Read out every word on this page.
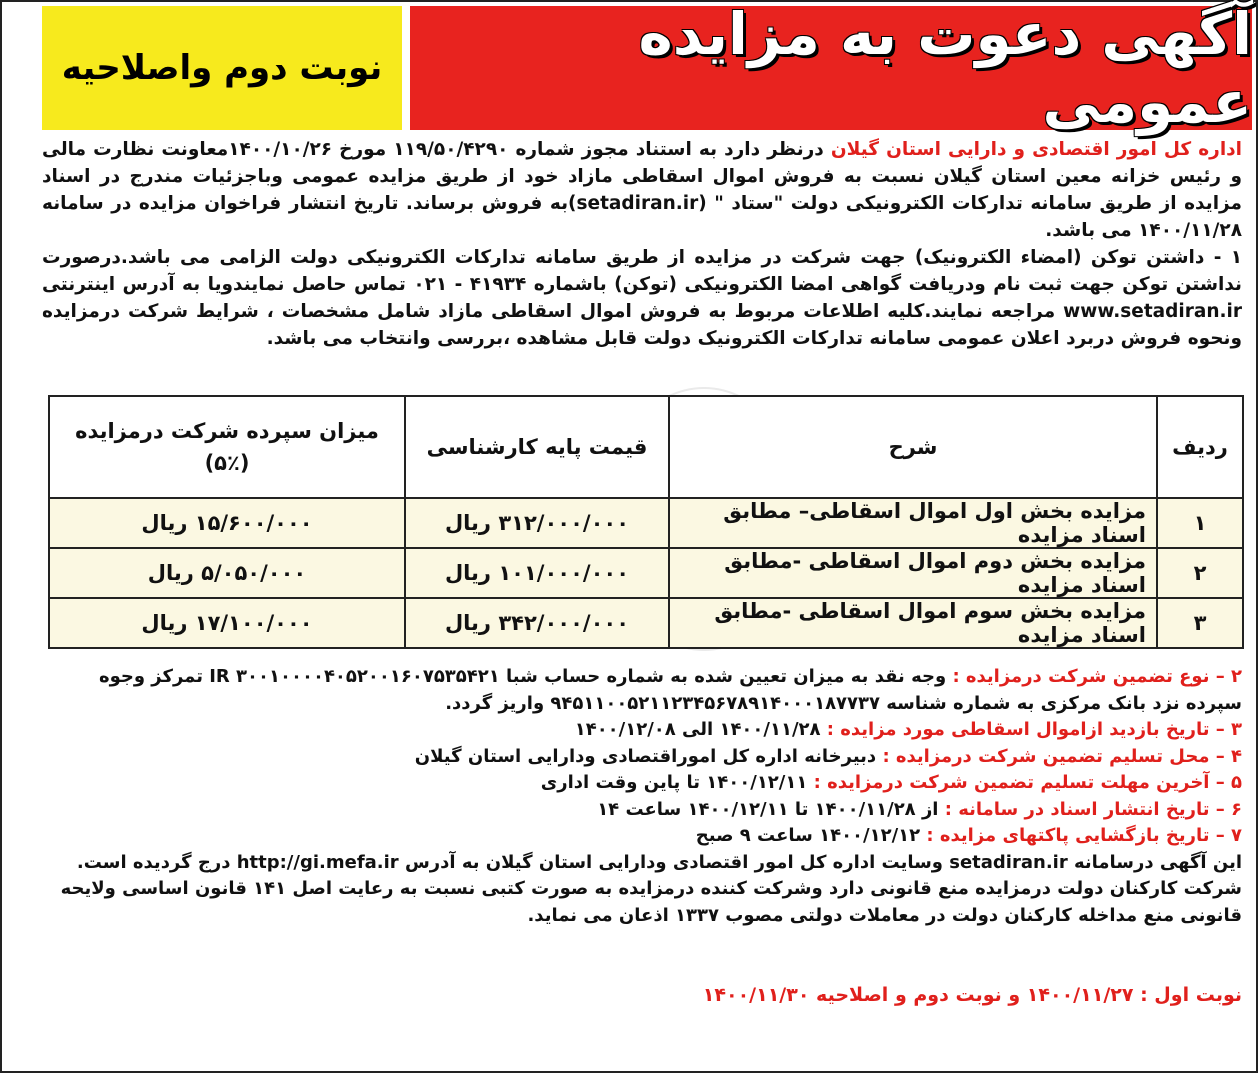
آگهی دعوت به مزایده عمومی
نوبت دوم واصلاحیه

اداره کل امور اقتصادی و دارایی استان گیلان درنظر دارد به استناد مجوز شماره ۱۱۹/۵۰/۴۲۹۰ مورخ ۱۴۰۰/۱۰/۲۶معاونت نظارت مالی و رئیس خزانه معین استان گیلان نسبت به فروش اموال اسقاطی مازاد خود از طریق مزایده عمومی وباجزئیات مندرج در اسناد مزایده از طریق سامانه تدارکات الکترونیکی دولت "ستاد " (setadiran.ir)به فروش برساند. تاریخ انتشار فراخوان مزایده در سامانه ۱۴۰۰/۱۱/۲۸ می باشد.

۱ - داشتن توکن (امضاء الکترونیک) جهت شرکت در مزایده از طریق سامانه تدارکات الکترونیکی دولت الزامی می باشد.درصورت نداشتن توکن جهت ثبت نام ودریافت گواهی امضا الکترونیکی (توکن) باشماره ۴۱۹۳۴ - ۰۲۱ تماس حاصل نمایندویا به آدرس اینترنتی www.setadiran.ir مراجعه نمایند.کلیه اطلاعات مربوط به فروش اموال اسقاطی مازاد شامل مشخصات ، شرایط شرکت درمزایده ونحوه فروش دربرد اعلان عمومی سامانه تدارکات الکترونیک دولت قابل مشاهده ،بررسی وانتخاب می باشد.

ردیف	شرح	قیمت پایه کارشناسی	میزان سپرده شرکت درمزایده
(۵٪)

۱	مزایده بخش اول اموال اسقاطی– مطابق اسناد مزایده	۳۱۲/۰۰۰/۰۰۰ ریال	۱۵/۶۰۰/۰۰۰ ریال
۲	مزایده بخش دوم اموال اسقاطی -مطابق اسناد مزایده	۱۰۱/۰۰۰/۰۰۰ ریال	۵/۰۵۰/۰۰۰ ریال
۳	مزایده بخش سوم اموال اسقاطی -مطابق اسناد مزایده	۳۴۲/۰۰۰/۰۰۰ ریال	۱۷/۱۰۰/۰۰۰ ریال

۲ – نوع تضمین شرکت درمزایده : وجه نقد به میزان تعیین شده به شماره حساب شبا IR ۳۰۰۱۰۰۰۰۴۰۵۲۰۰۱۶۰۷۵۳۵۴۲۱ تمرکز وجوه سپرده نزد بانک مرکزی به شماره شناسه ۹۴۵۱۱۰۰۵۲۱۱۲۳۴۵۶۷۸۹۱۴۰۰۰۱۸۷۷۳۷ واریز گردد.

۳ – تاریخ بازدید ازاموال اسقاطی مورد مزایده : ۱۴۰۰/۱۱/۲۸ الی ۱۴۰۰/۱۲/۰۸

۴ – محل تسلیم تضمین شرکت درمزایده : دبیرخانه اداره کل اموراقتصادی ودارایی استان گیلان

۵ – آخرین مهلت تسلیم تضمین شرکت درمزایده : ۱۴۰۰/۱۲/۱۱ تا پاین وقت اداری

۶ – تاریخ انتشار اسناد در سامانه : از ۱۴۰۰/۱۱/۲۸ تا ۱۴۰۰/۱۲/۱۱ ساعت ۱۴

۷ – تاریخ بازگشایی پاکتهای مزایده : ۱۴۰۰/۱۲/۱۲ ساعت ۹ صبح

این آگهی درسامانه setadiran.ir وسایت اداره کل امور اقتصادی ودارایی استان گیلان به آدرس http://gi.mefa.ir درج گردیده است.

شرکت کارکنان دولت درمزایده منع قانونی دارد وشرکت کننده درمزایده به صورت کتبی نسبت به رعایت اصل ۱۴۱ قانون اساسی ولایحه قانونی منع مداخله کارکنان دولت در معاملات دولتی مصوب ۱۳۳۷ اذعان می نماید.

نوبت اول : ۱۴۰۰/۱۱/۲۷ و نوبت دوم و اصلاحیه ۱۴۰۰/۱۱/۳۰
